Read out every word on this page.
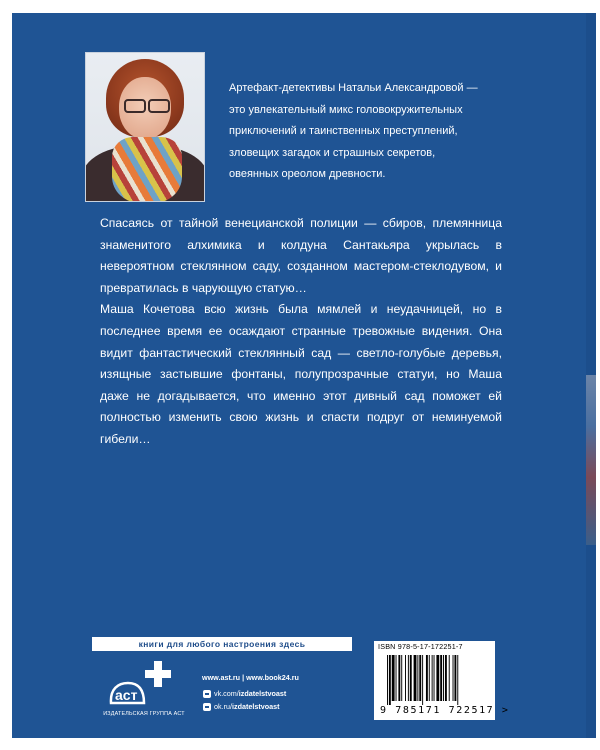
Артефакт-детективы Натальи Александровой —
это увлекательный микс головокружительных
приключений и таинственных преступлений,
зловещих загадок и страшных секретов,
овеянных ореолом древности.

Спасаясь от тайной венецианской полиции — сбиров, племянница знаменитого алхимика и колдуна Сантакьяра укрылась в невероятном стеклянном саду, созданном мастером-стеклодувом, и превратилась в чарующую статую…

Маша Кочетова всю жизнь была мямлей и неудачницей, но в последнее время ее осаждают странные тревожные видения. Она видит фантастический стеклянный сад — светло-голубые деревья, изящные застывшие фонтаны, полупрозрачные статуи, но Маша даже не догадывается, что именно этот дивный сад поможет ей полностью изменить свою жизнь и спасти подруг от неминуемой гибели…

книги для любого настроения здесь
аст
ИЗДАТЕЛЬСКАЯ ГРУППА АСТ
www.ast.ru | www.book24.ru
vk.com/ izdatelstvoast
ok.ru/ izdatelstvoast
ISBN 978-5-17-172251-7
9 785171 722517 >
